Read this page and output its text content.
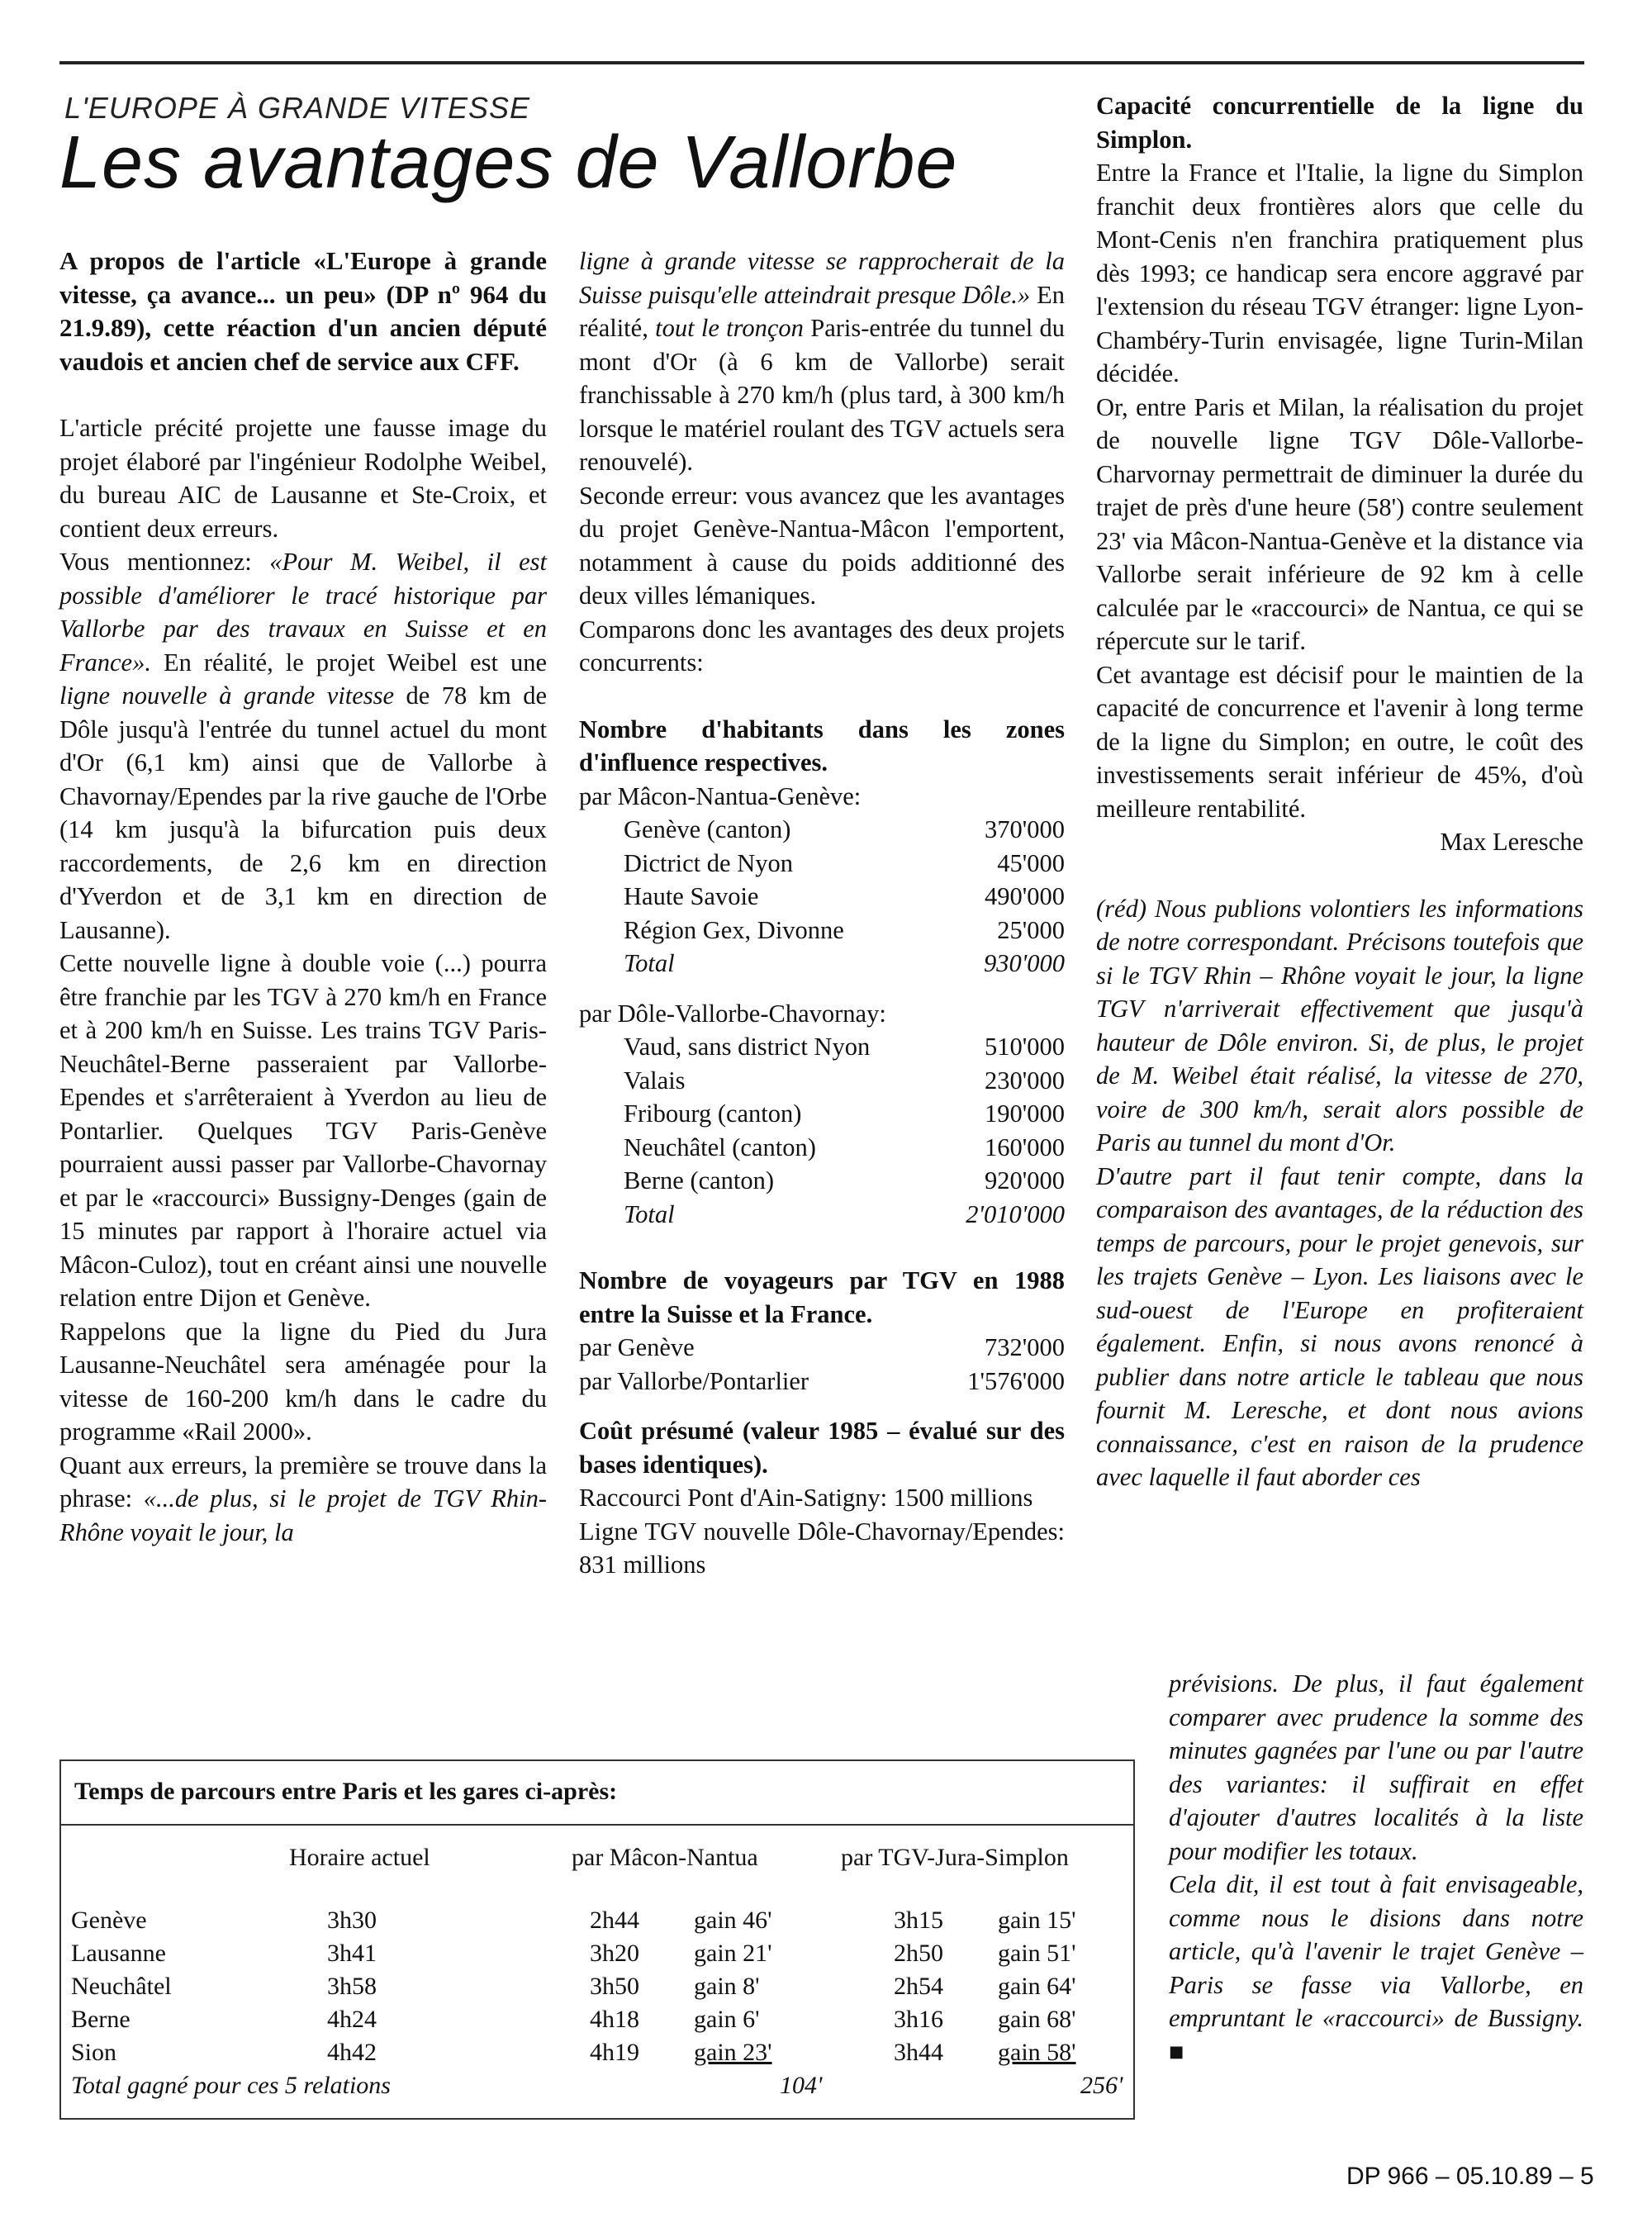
L'EUROPE À GRANDE VITESSE
Les avantages de Vallorbe

A propos de l'article «L'Europe à grande vitesse, ça avance... un peu» (DP nº 964 du 21.9.89), cette réaction d'un ancien député vaudois et ancien chef de service aux CFF.

L'article précité projette une fausse image du projet élaboré par l'ingénieur Rodolphe Weibel, du bureau AIC de Lausanne et Ste-Croix, et contient deux erreurs.

Vous mentionnez: «Pour M. Weibel, il est possible d'améliorer le tracé historique par Vallorbe par des travaux en Suisse et en France». En réalité, le projet Weibel est une ligne nouvelle à grande vitesse de 78 km de Dôle jusqu'à l'entrée du tunnel actuel du mont d'Or (6,1 km) ainsi que de Vallorbe à Chavornay/Ependes par la rive gauche de l'Orbe (14 km jusqu'à la bifurcation puis deux raccordements, de 2,6 km en direction d'Yverdon et de 3,1 km en direction de Lausanne).

Cette nouvelle ligne à double voie (...) pourra être franchie par les TGV à 270 km/h en France et à 200 km/h en Suisse. Les trains TGV Paris-Neuchâtel-Berne passeraient par Vallorbe-Ependes et s'arrêteraient à Yverdon au lieu de Pontarlier. Quelques TGV Paris-Genève pourraient aussi passer par Vallorbe-Chavornay et par le «raccourci» Bussigny-Denges (gain de 15 minutes par rapport à l'horaire actuel via Mâcon-Culoz), tout en créant ainsi une nouvelle relation entre Dijon et Genève.

Rappelons que la ligne du Pied du Jura Lausanne-Neuchâtel sera aménagée pour la vitesse de 160-200 km/h dans le cadre du programme «Rail 2000».

Quant aux erreurs, la première se trouve dans la phrase: «...de plus, si le projet de TGV Rhin-Rhône voyait le jour, la

ligne à grande vitesse se rapprocherait de la Suisse puisqu'elle atteindrait presque Dôle.» En réalité, tout le tronçon Paris-entrée du tunnel du mont d'Or (à 6 km de Vallorbe) serait franchissable à 270 km/h (plus tard, à 300 km/h lorsque le matériel roulant des TGV actuels sera renouvelé).

Seconde erreur: vous avancez que les avantages du projet Genève-Nantua-Mâcon l'emportent, notamment à cause du poids additionné des deux villes lémaniques.

Comparons donc les avantages des deux projets concurrents:

Nombre d'habitants dans les zones d'influence respectives.

par Mâcon-Nantua-Genève:

Genève (canton)	370'000
Dictrict de Nyon	45'000
Haute Savoie	490'000
Région Gex, Divonne	25'000
Total	930'000

par Dôle-Vallorbe-Chavornay:

Vaud, sans district Nyon	510'000
Valais	230'000
Fribourg (canton)	190'000
Neuchâtel (canton)	160'000
Berne (canton)	920'000
Total	2'010'000

Nombre de voyageurs par TGV en 1988 entre la Suisse et la France.

par Genève	732'000
par Vallorbe/Pontarlier	1'576'000

Coût présumé (valeur 1985 – évalué sur des bases identiques).

Raccourci Pont d'Ain-Satigny: 1500 millions

Ligne TGV nouvelle Dôle-Chavornay/Ependes: 831 millions

Capacité concurrentielle de la ligne du Simplon.

Entre la France et l'Italie, la ligne du Simplon franchit deux frontières alors que celle du Mont-Cenis n'en franchira pratiquement plus dès 1993; ce handicap sera encore aggravé par l'extension du réseau TGV étranger: ligne Lyon-Chambéry-Turin envisagée, ligne Turin-Milan décidée.

Or, entre Paris et Milan, la réalisation du projet de nouvelle ligne TGV Dôle-Vallorbe-Charvornay permettrait de diminuer la durée du trajet de près d'une heure (58') contre seulement 23' via Mâcon-Nantua-Genève et la distance via Vallorbe serait inférieure de 92 km à celle calculée par le «raccourci» de Nantua, ce qui se répercute sur le tarif.

Cet avantage est décisif pour le maintien de la capacité de concurrence et l'avenir à long terme de la ligne du Simplon; en outre, le coût des investissements serait inférieur de 45%, d'où meilleure rentabilité.

Max Leresche

(réd) Nous publions volontiers les informations de notre correspondant. Précisons toutefois que si le TGV Rhin – Rhône voyait le jour, la ligne TGV n'arriverait effectivement que jusqu'à hauteur de Dôle environ. Si, de plus, le projet de M. Weibel était réalisé, la vitesse de 270, voire de 300 km/h, serait alors possible de Paris au tunnel du mont d'Or.

D'autre part il faut tenir compte, dans la comparaison des avantages, de la réduction des temps de parcours, pour le projet genevois, sur les trajets Genève – Lyon. Les liaisons avec le sud-ouest de l'Europe en profiteraient également. Enfin, si nous avons renoncé à publier dans notre article le tableau que nous fournit M. Leresche, et dont nous avions connaissance, c'est en raison de la prudence avec laquelle il faut aborder ces

prévisions. De plus, il faut également comparer avec prudence la somme des minutes gagnées par l'une ou par l'autre des variantes: il suffirait en effet d'ajouter d'autres localités à la liste pour modifier les totaux.

Cela dit, il est tout à fait envisageable, comme nous le disions dans notre article, qu'à l'avenir le trajet Genève – Paris se fasse via Vallorbe, en empruntant le «raccourci» de Bussigny. ■

Temps de parcours entre Paris et les gares ci-après:
Horaire actuel	par Mâcon-Nantua	par TGV-Jura-Simplon
Genève	3h30	2h44 gain 46'	3h15 gain 15'
Lausanne	3h41	3h20 gain 21'	2h50 gain 51'
Neuchâtel	3h58	3h50 gain 8'	2h54 gain 64'
Berne	4h24	4h18 gain 6'	3h16 gain 68'
Sion	4h42	4h19 gain 23'	3h44 gain 58'
Total gagné pour ces 5 relations	104'	256'
DP 966 – 05.10.89 – 5
